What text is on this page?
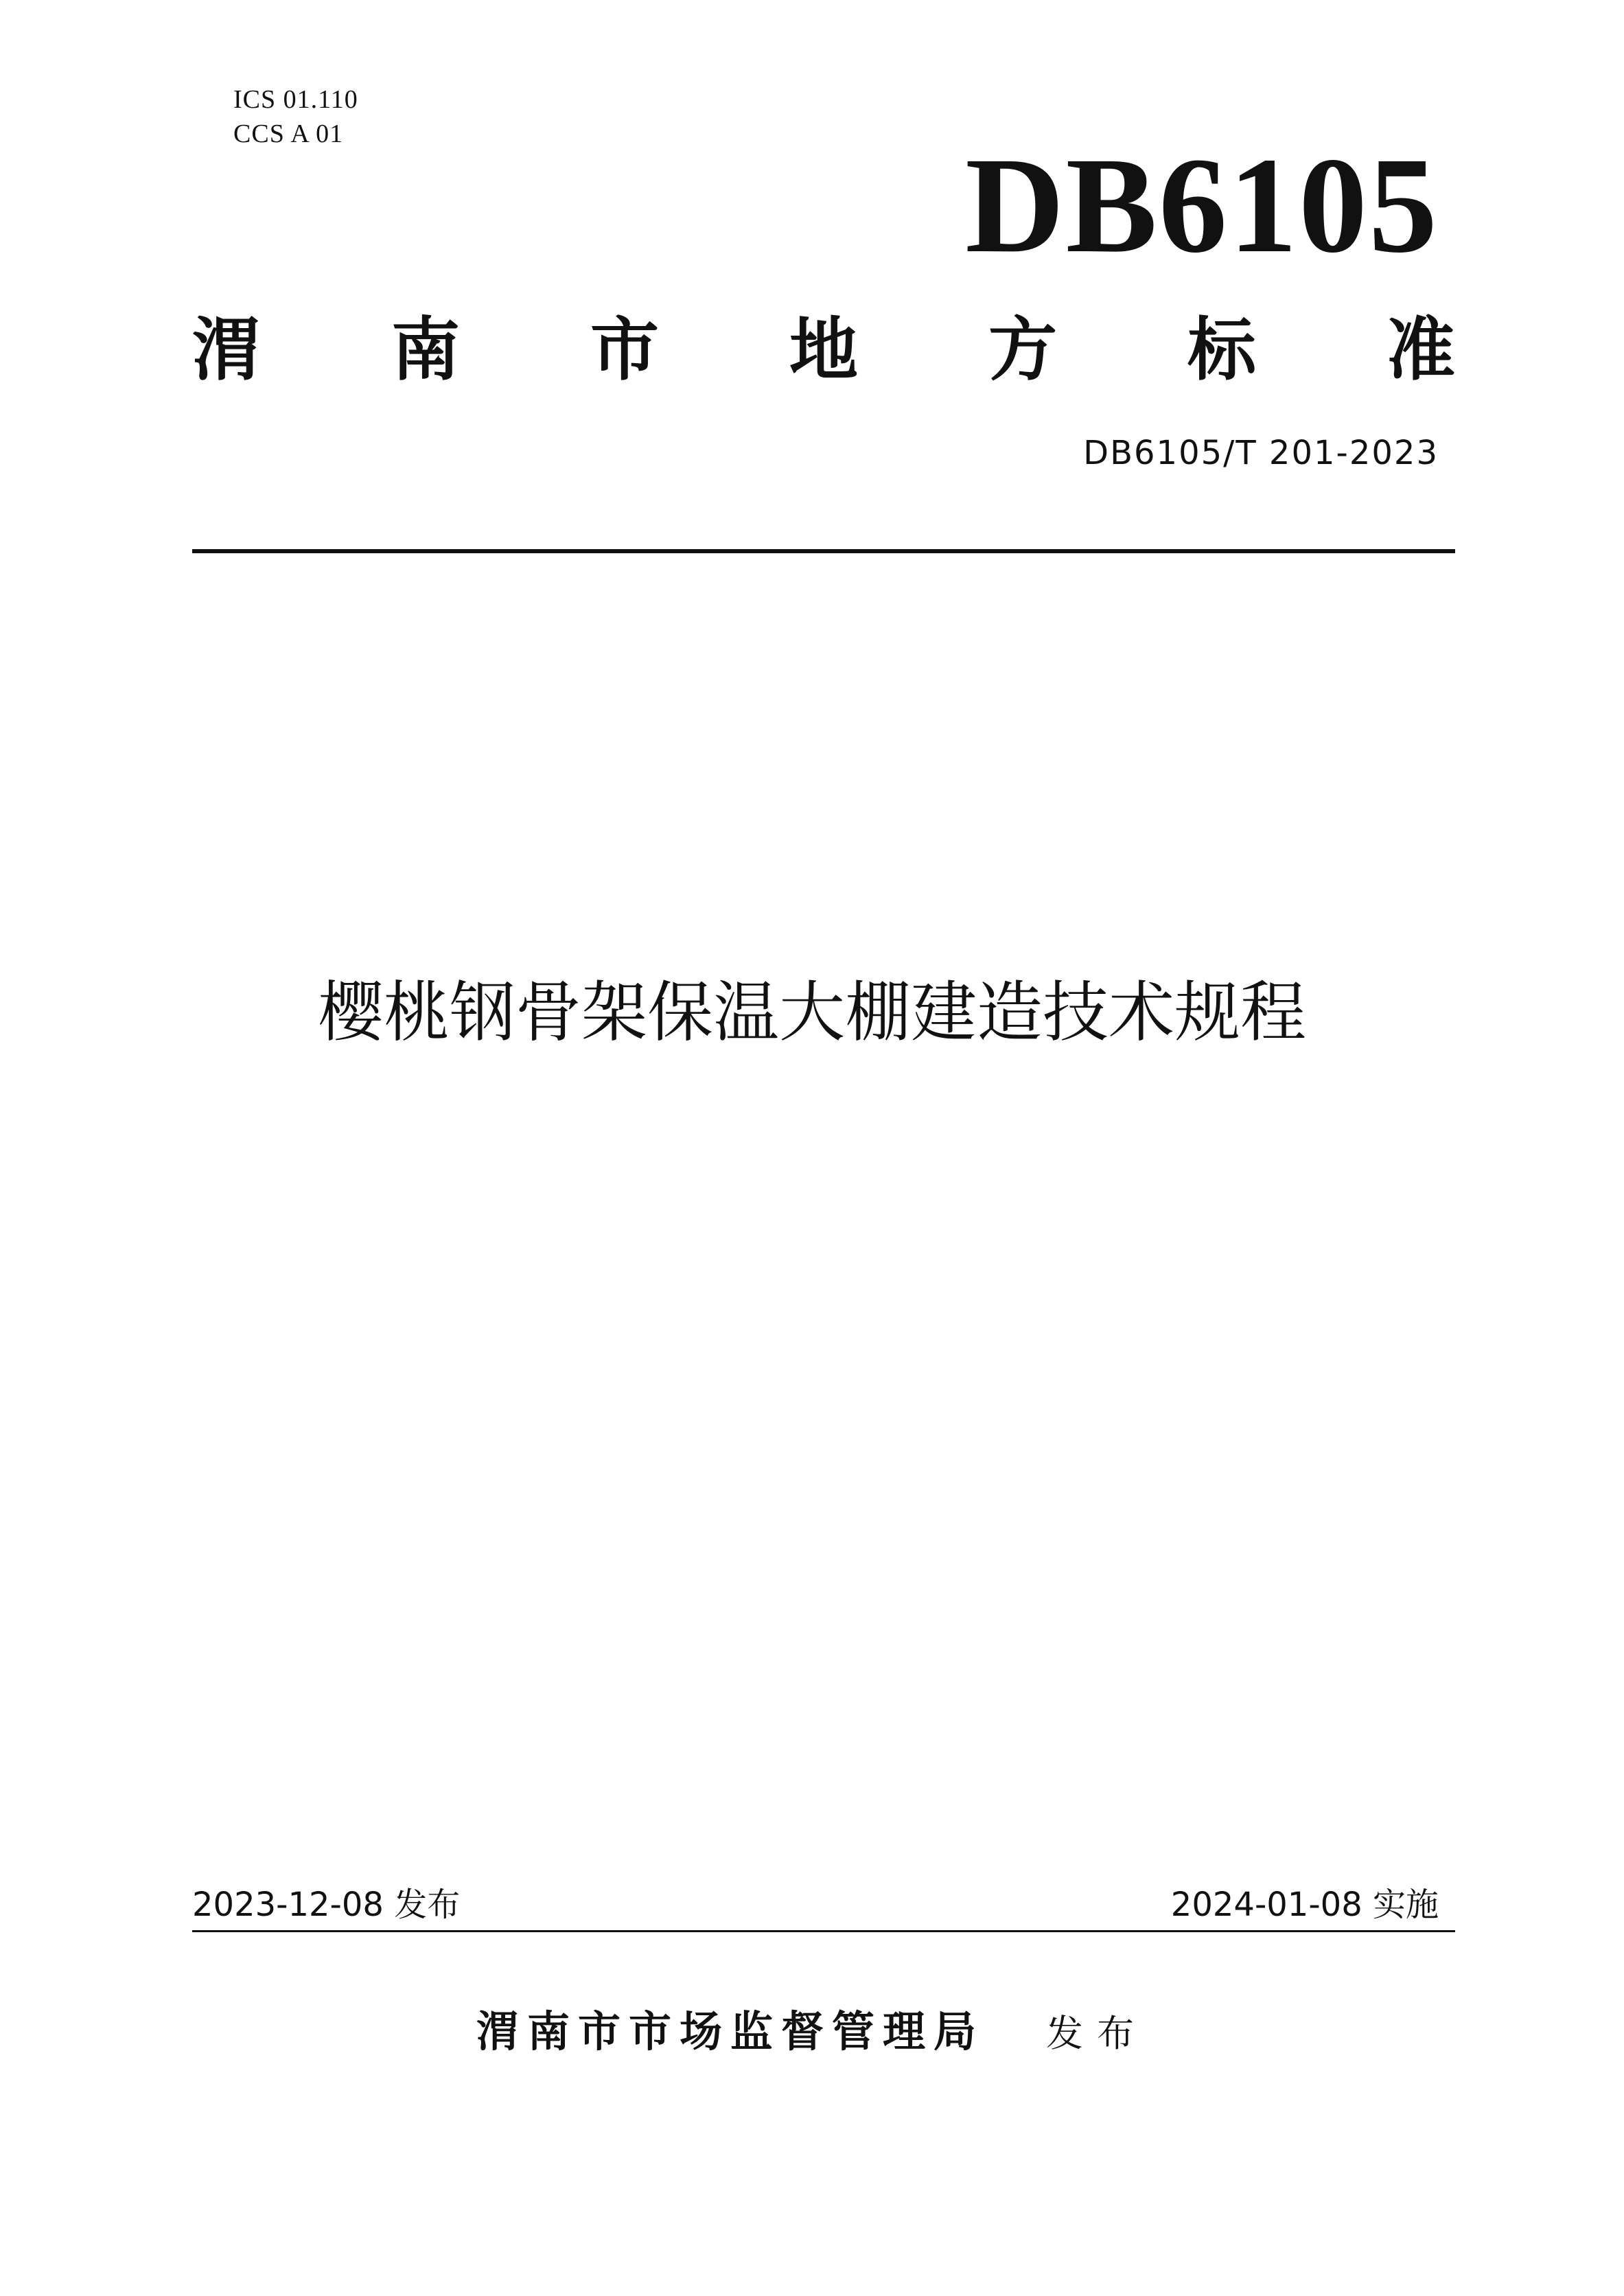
ICS 01.110
CCS A 01	DB6105
渭 南 市 地 方 标 准
DB6105/T 201-2023
樱桃钢骨架保温大棚建造技术规程
2023-12-08 发布	2024-01-08 实施
渭南市市场监督管理局 发布
